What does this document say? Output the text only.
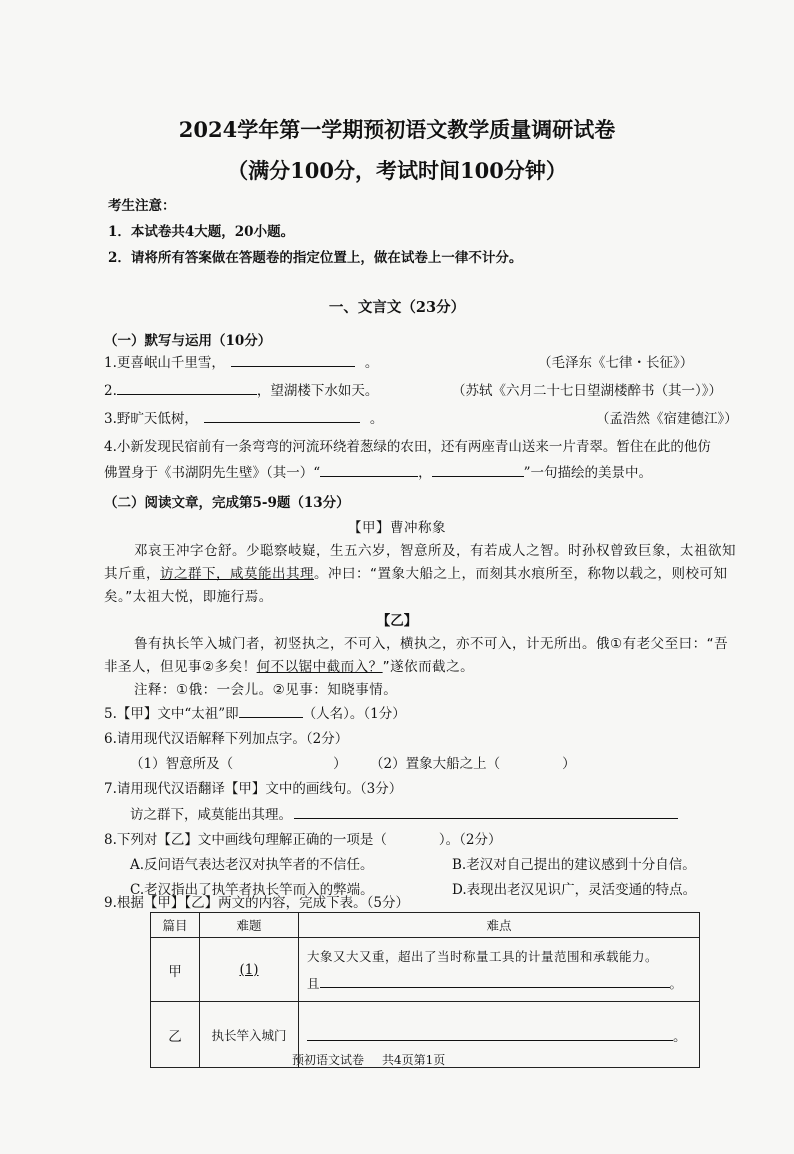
2024学年第一学期预初语文教学质量调研试卷
（满分100分，考试时间100分钟）
考生注意：
1．本试卷共4大题，20小题。
2．请将所有答案做在答题卷的指定位置上，做在试卷上一律不计分。
一、文言文（23分）
（一）默写与运用（10分）
1.更喜岷山千里雪，	。	（毛泽东《七律・长征》）
2.	，望湖楼下水如天。	（苏轼《六月二十七日望湖楼醉书（其一）》）
3.野旷天低树，	。	（孟浩然《宿建德江》）
4.小新发现民宿前有一条弯弯的河流环绕着葱绿的农田，还有两座青山送来一片青翠。暂住在此的他仿
佛置身于《书湖阴先生壁》（其一）“	，	”一句描绘的美景中。
（二）阅读文章，完成第5-9题（13分）
【甲】曹冲称象
邓哀王冲字仓舒。少聪察岐嶷，生五六岁，智意所及，有若成人之智。时孙权曾致巨象，太祖欲知
其斤重，访之群下，咸莫能出其理。冲曰：“置象大船之上，而刻其水痕所至，称物以载之，则校可知
矣。”太祖大悦，即施行焉。
【乙】
鲁有执长竿入城门者，初竖执之，不可入，横执之，亦不可入，计无所出。俄①有老父至曰：“吾
非圣人，但见事②多矣！何不以锯中截而入？”遂依而截之。
注释：①俄：一会儿。②见事：知晓事情。
5.【甲】文中“太祖”即	（人名）。（1分）
6.请用现代汉语解释下列加点字。（2分）
（1）智意所及（	） （2）置象大船之上（	）
7.请用现代汉语翻译【甲】文中的画线句。（3分）
访之群下，咸莫能出其理。
8.下列对【乙】文中画线句理解正确的一项是（	）。（2分）
A.反问语气表达老汉对执竿者的不信任。	B.老汉对自己提出的建议感到十分自信。
C.老汉指出了执竿者执长竿而入的弊端。	D.表现出老汉见识广，灵活变通的特点。
9.根据【甲】【乙】两文的内容，完成下表。（5分）
篇目	难题	难点
甲	(1)	大象又大又重，超出了当时称量工具的计量范围和承载能力。
且 。

乙	执长竿入城门	。
预初语文试卷 共4页第1页
